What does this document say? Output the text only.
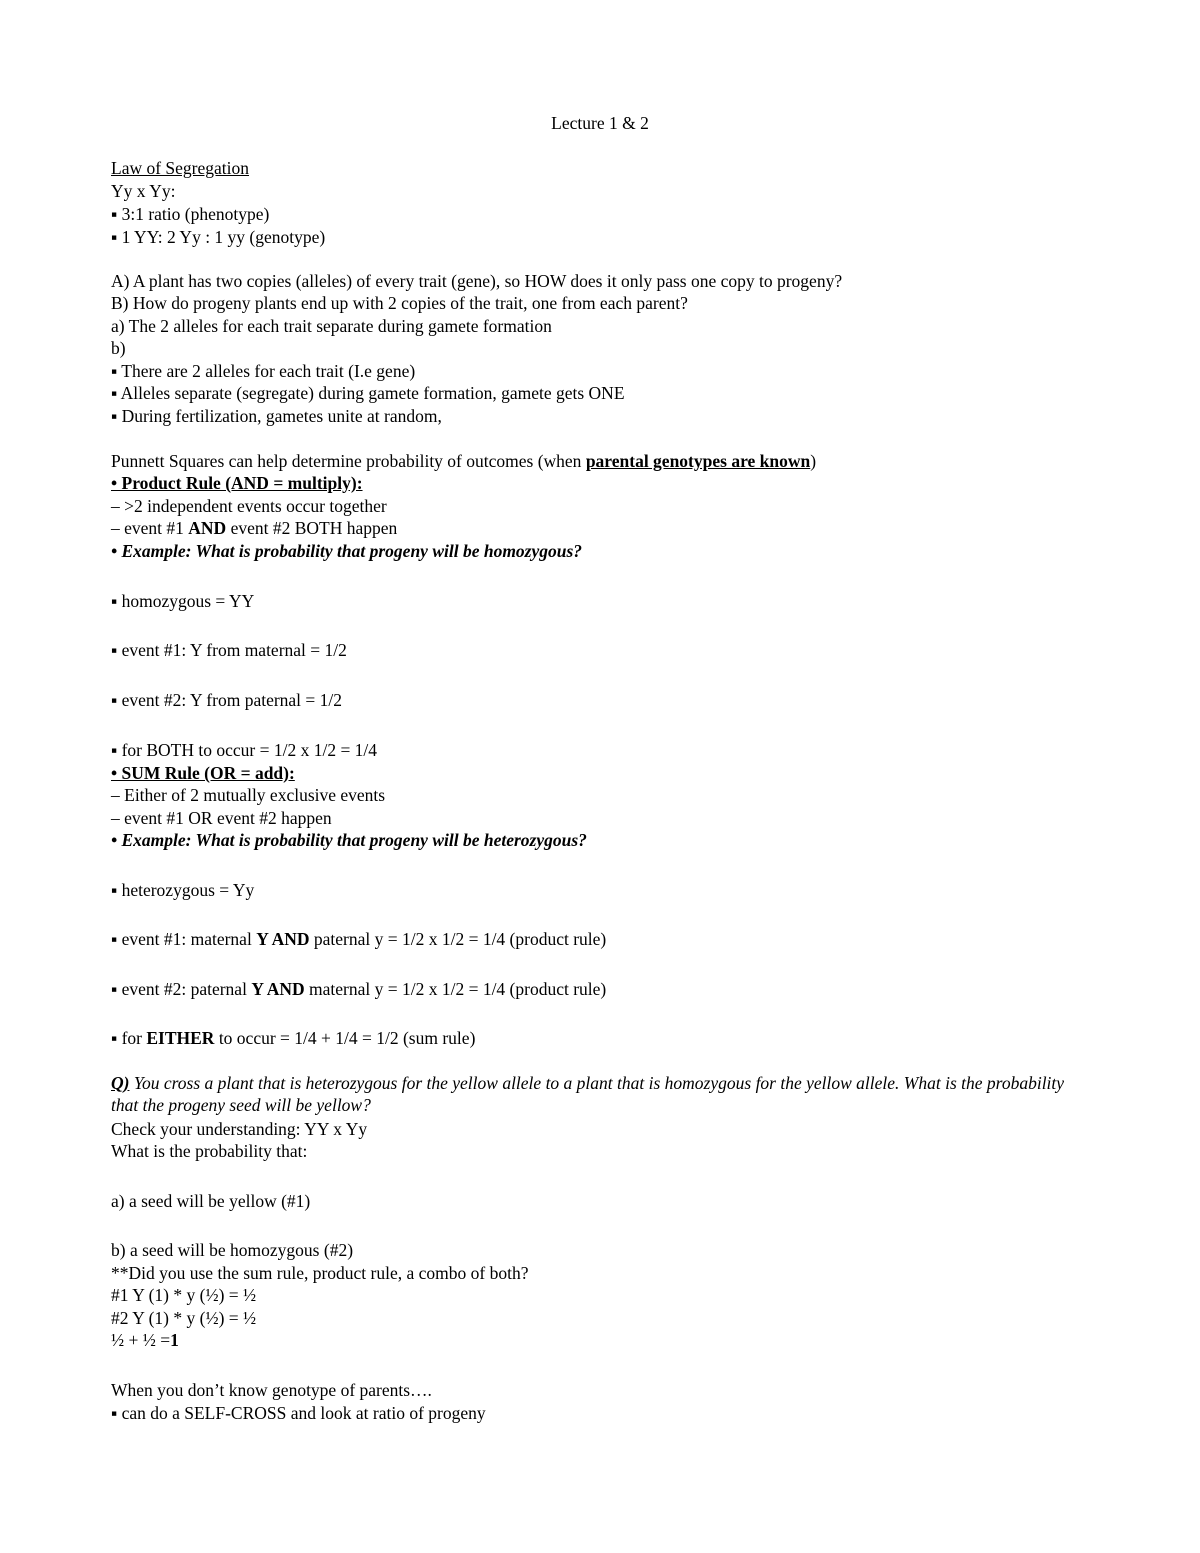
Lecture 1 & 2
Law of Segregation
Yy x Yy:
▪ 3:1 ratio (phenotype)
▪ 1 YY: 2 Yy : 1 yy (genotype)
A) A plant has two copies (alleles) of every trait (gene), so HOW does it only pass one copy to progeny?
B) How do progeny plants end up with 2 copies of the trait, one from each parent?
a) The 2 alleles for each trait separate during gamete formation
b)
▪ There are 2 alleles for each trait (I.e gene)
▪ Alleles separate (segregate) during gamete formation, gamete gets ONE
▪ During fertilization, gametes unite at random,
Punnett Squares can help determine probability of outcomes (when parental genotypes are known)
• Product Rule (AND = multiply):
– >2 independent events occur together
– event #1 AND event #2 BOTH happen
• Example: What is probability that progeny will be homozygous?
▪ homozygous = YY
▪ event #1: Y from maternal = 1/2
▪ event #2: Y from paternal = 1/2
▪ for BOTH to occur = 1/2 x 1/2 = 1/4
• SUM Rule (OR = add):
– Either of 2 mutually exclusive events
– event #1 OR event #2 happen
• Example: What is probability that progeny will be heterozygous?
▪ heterozygous = Yy
▪ event #1: maternal Y AND paternal y = 1/2 x 1/2 = 1/4 (product rule)
▪ event #2: paternal Y AND maternal y = 1/2 x 1/2 = 1/4 (product rule)
▪ for EITHER to occur = 1/4 + 1/4 = 1/2 (sum rule)
Q) You cross a plant that is heterozygous for the yellow allele to a plant that is homozygous for the yellow allele. What is the probability that the progeny seed will be yellow?
Check your understanding: YY x Yy
What is the probability that:
a) a seed will be yellow (#1)
b) a seed will be homozygous (#2)
**Did you use the sum rule, product rule, a combo of both?
#1 Y (1) * y (½) = ½
#2 Y (1) * y (½) = ½
½ + ½ =1
When you don’t know genotype of parents….
▪ can do a SELF-CROSS and look at ratio of progeny
